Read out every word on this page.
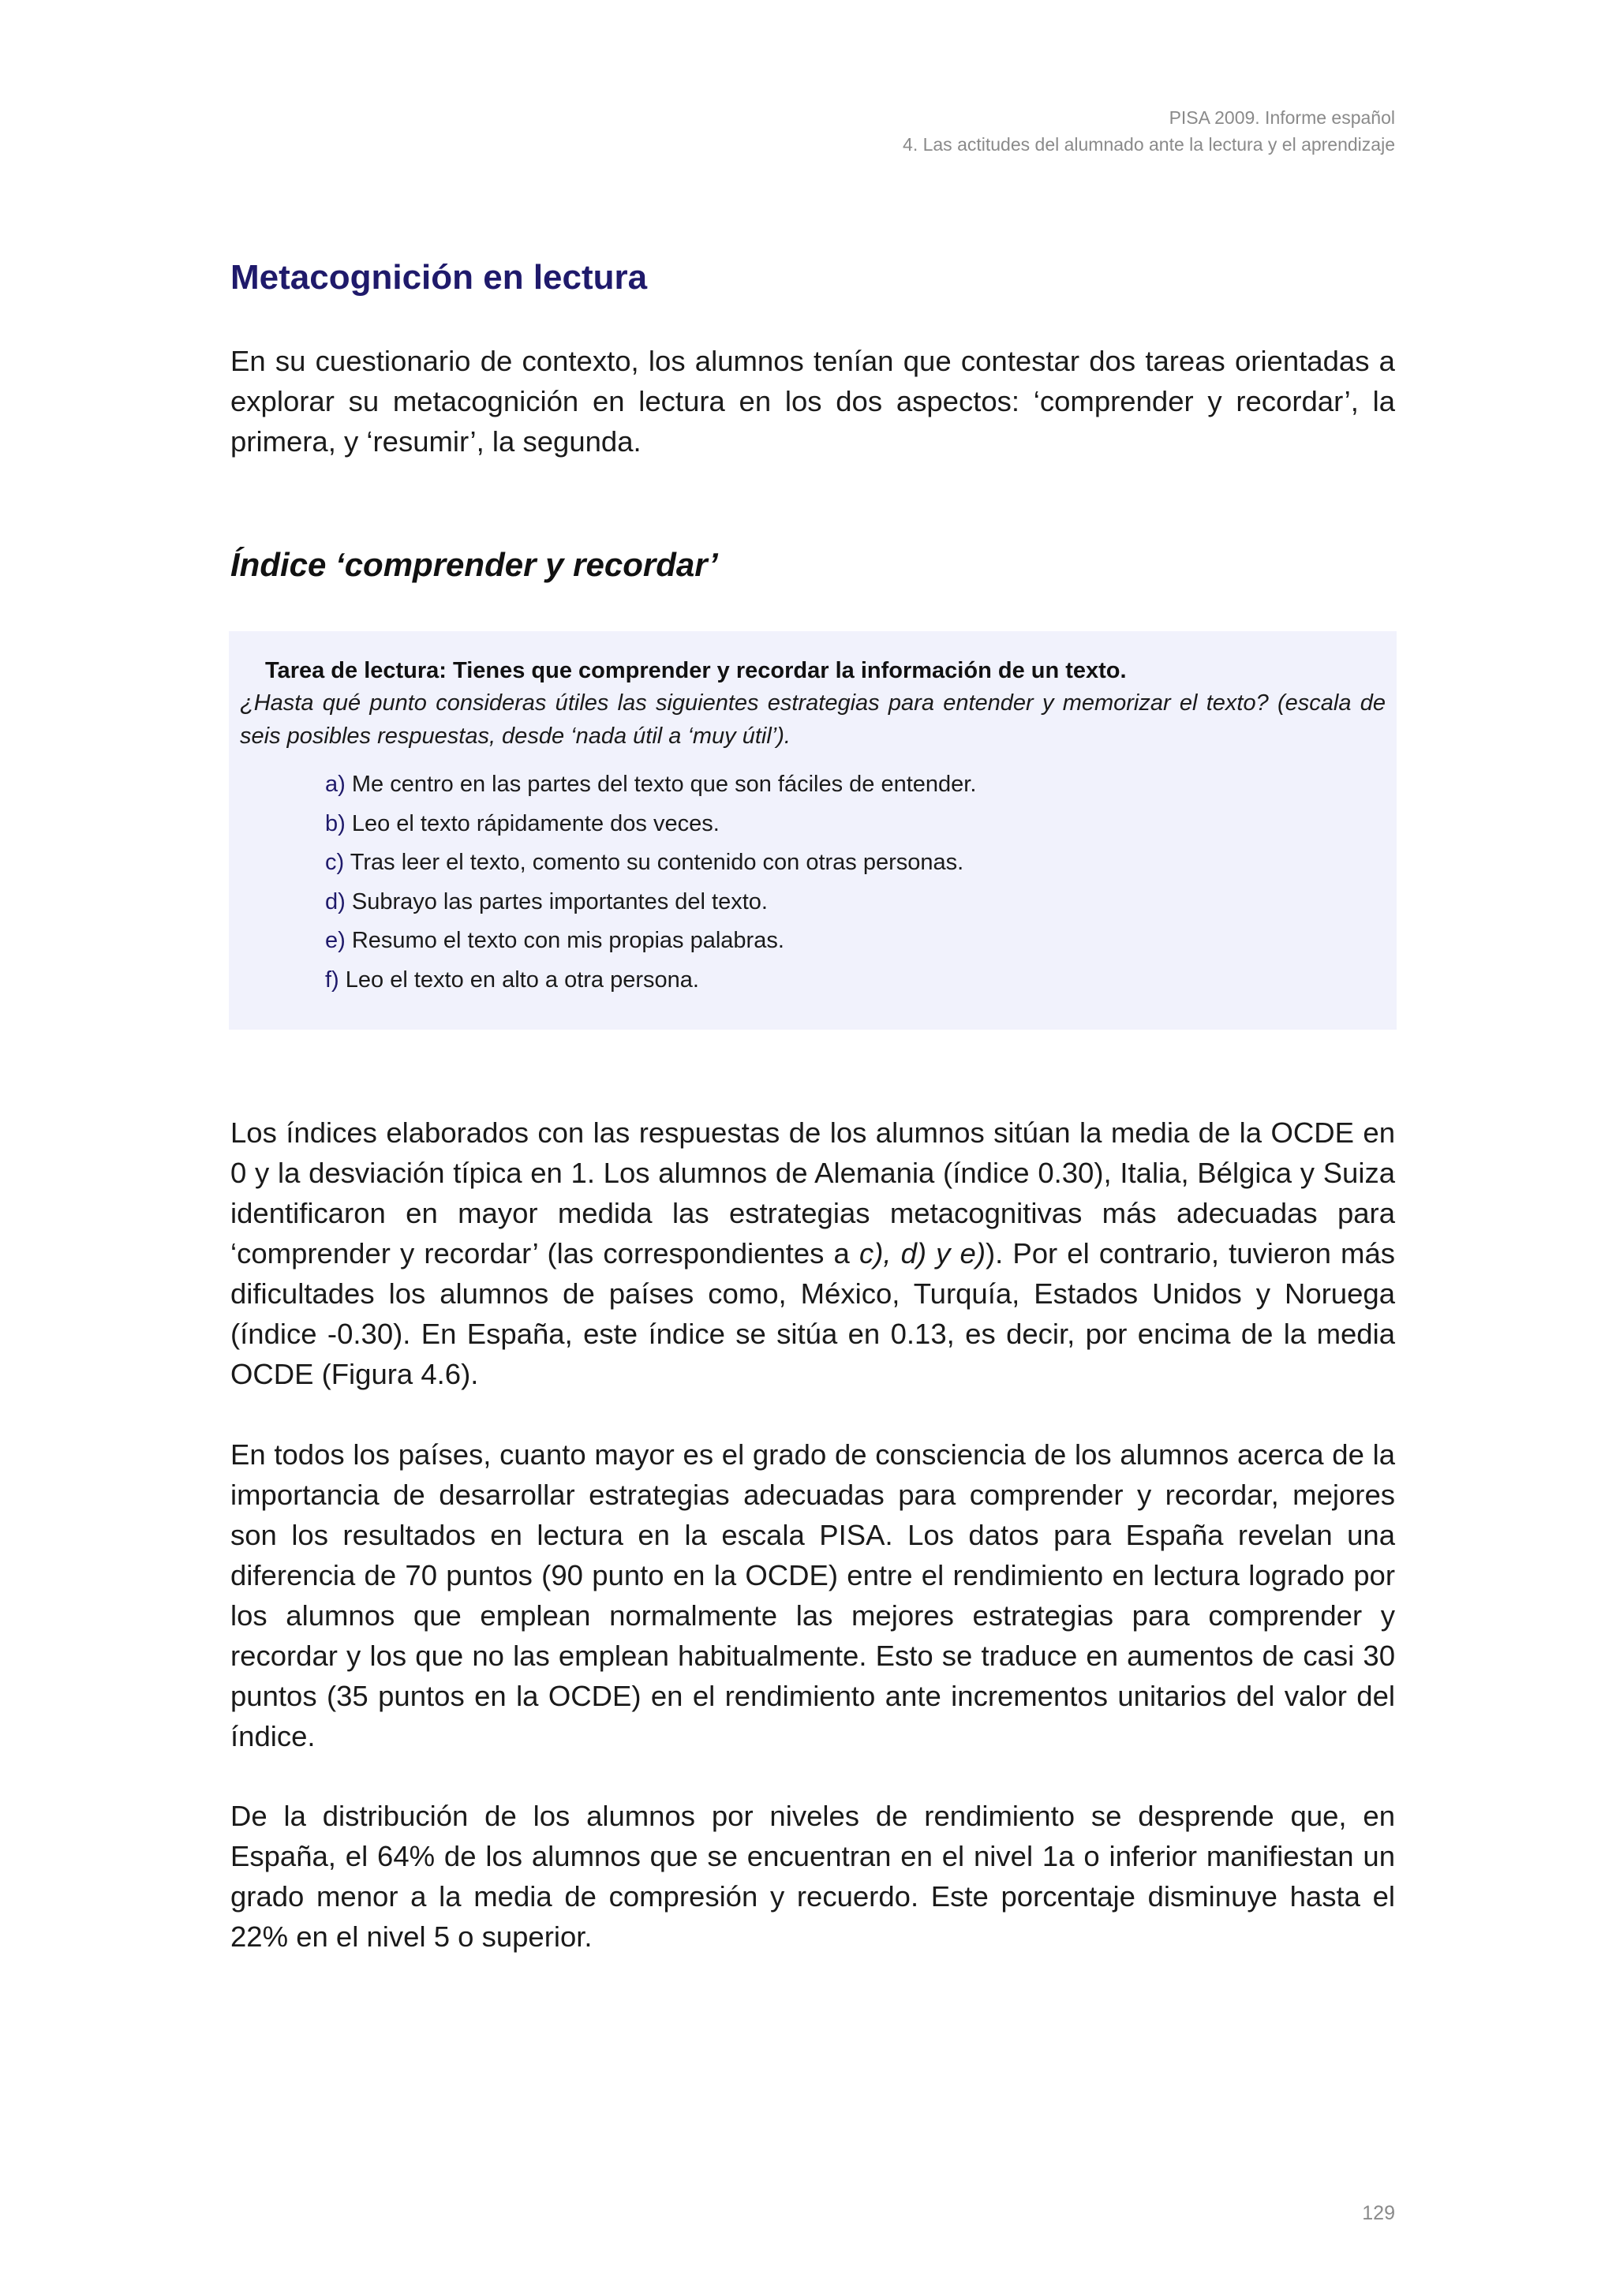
PISA 2009. Informe español
4. Las actitudes del alumnado ante la lectura y el aprendizaje
Metacognición en lectura

En su cuestionario de contexto, los alumnos tenían que contestar dos tareas orientadas a explorar su metacognición en lectura en los dos aspectos: ‘comprender y recordar’, la primera, y ‘resumir’, la segunda.

Índice ‘comprender y recordar’

Tarea de lectura: Tienes que comprender y recordar la información de un texto.

¿Hasta qué punto consideras útiles las siguientes estrategias para entender y memorizar el texto? (escala de seis posibles respuestas, desde ‘nada útil a ‘muy útil’).

a) Me centro en las partes del texto que son fáciles de entender.
b) Leo el texto rápidamente dos veces.
c) Tras leer el texto, comento su contenido con otras personas.
d) Subrayo las partes importantes del texto.
e) Resumo el texto con mis propias palabras.
f) Leo el texto en alto a otra persona.

Los índices elaborados con las respuestas de los alumnos sitúan la media de la OCDE en 0 y la desviación típica en 1. Los alumnos de Alemania (índice 0.30), Italia, Bélgica y Suiza identificaron en mayor medida las estrategias metacognitivas más adecuadas para ‘comprender y recordar’ (las correspondientes a c), d) y e)). Por el contrario, tuvieron más dificultades los alumnos de países como, México, Turquía, Estados Unidos y Noruega (índice -0.30). En España, este índice se sitúa en 0.13, es decir, por encima de la media OCDE (Figura 4.6).

En todos los países, cuanto mayor es el grado de consciencia de los alumnos acerca de la importancia de desarrollar estrategias adecuadas para comprender y recordar, mejores son los resultados en lectura en la escala PISA. Los datos para España revelan una diferencia de 70 puntos (90 punto en la OCDE) entre el rendimiento en lectura logrado por los alumnos que emplean normalmente las mejores estrategias para comprender y recordar y los que no las emplean habitualmente. Esto se traduce en aumentos de casi 30 puntos (35 puntos en la OCDE) en el rendimiento ante incrementos unitarios del valor del índice.

De la distribución de los alumnos por niveles de rendimiento se desprende que, en España, el 64% de los alumnos que se encuentran en el nivel 1a o inferior manifiestan un grado menor a la media de compresión y recuerdo. Este porcentaje disminuye hasta el 22% en el nivel 5 o superior.

129
